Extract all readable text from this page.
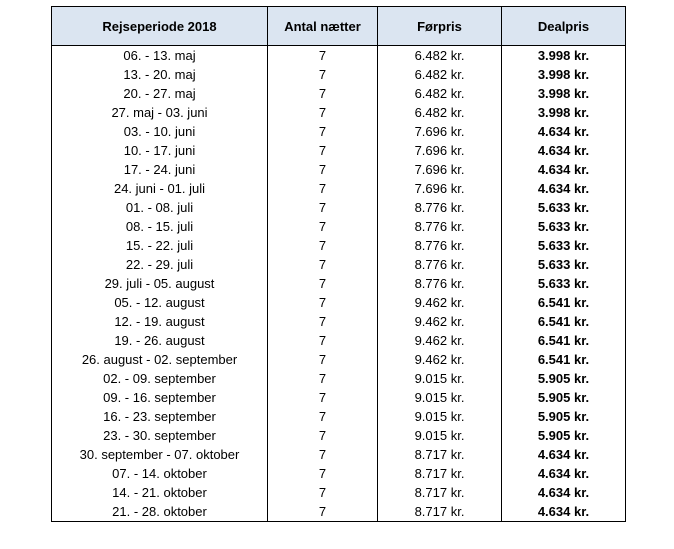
Rejseperiode 2018	Antal nætter	Førpris	Dealpris
06. - 13. maj	7	6.482 kr.	3.998 kr.
13. - 20. maj	7	6.482 kr.	3.998 kr.
20. - 27. maj	7	6.482 kr.	3.998 kr.
27. maj - 03. juni	7	6.482 kr.	3.998 kr.
03. - 10. juni	7	7.696 kr.	4.634 kr.
10. - 17. juni	7	7.696 kr.	4.634 kr.
17. - 24. juni	7	7.696 kr.	4.634 kr.
24. juni - 01. juli	7	7.696 kr.	4.634 kr.
01. - 08. juli	7	8.776 kr.	5.633 kr.
08. - 15. juli	7	8.776 kr.	5.633 kr.
15. - 22. juli	7	8.776 kr.	5.633 kr.
22. - 29. juli	7	8.776 kr.	5.633 kr.
29. juli - 05. august	7	8.776 kr.	5.633 kr.
05. - 12. august	7	9.462 kr.	6.541 kr.
12. - 19. august	7	9.462 kr.	6.541 kr.
19. - 26. august	7	9.462 kr.	6.541 kr.
26. august - 02. september	7	9.462 kr.	6.541 kr.
02. - 09. september	7	9.015 kr.	5.905 kr.
09. - 16. september	7	9.015 kr.	5.905 kr.
16. - 23. september	7	9.015 kr.	5.905 kr.
23. - 30. september	7	9.015 kr.	5.905 kr.
30. september - 07. oktober	7	8.717 kr.	4.634 kr.
07. - 14. oktober	7	8.717 kr.	4.634 kr.
14. - 21. oktober	7	8.717 kr.	4.634 kr.
21. - 28. oktober	7	8.717 kr.	4.634 kr.
